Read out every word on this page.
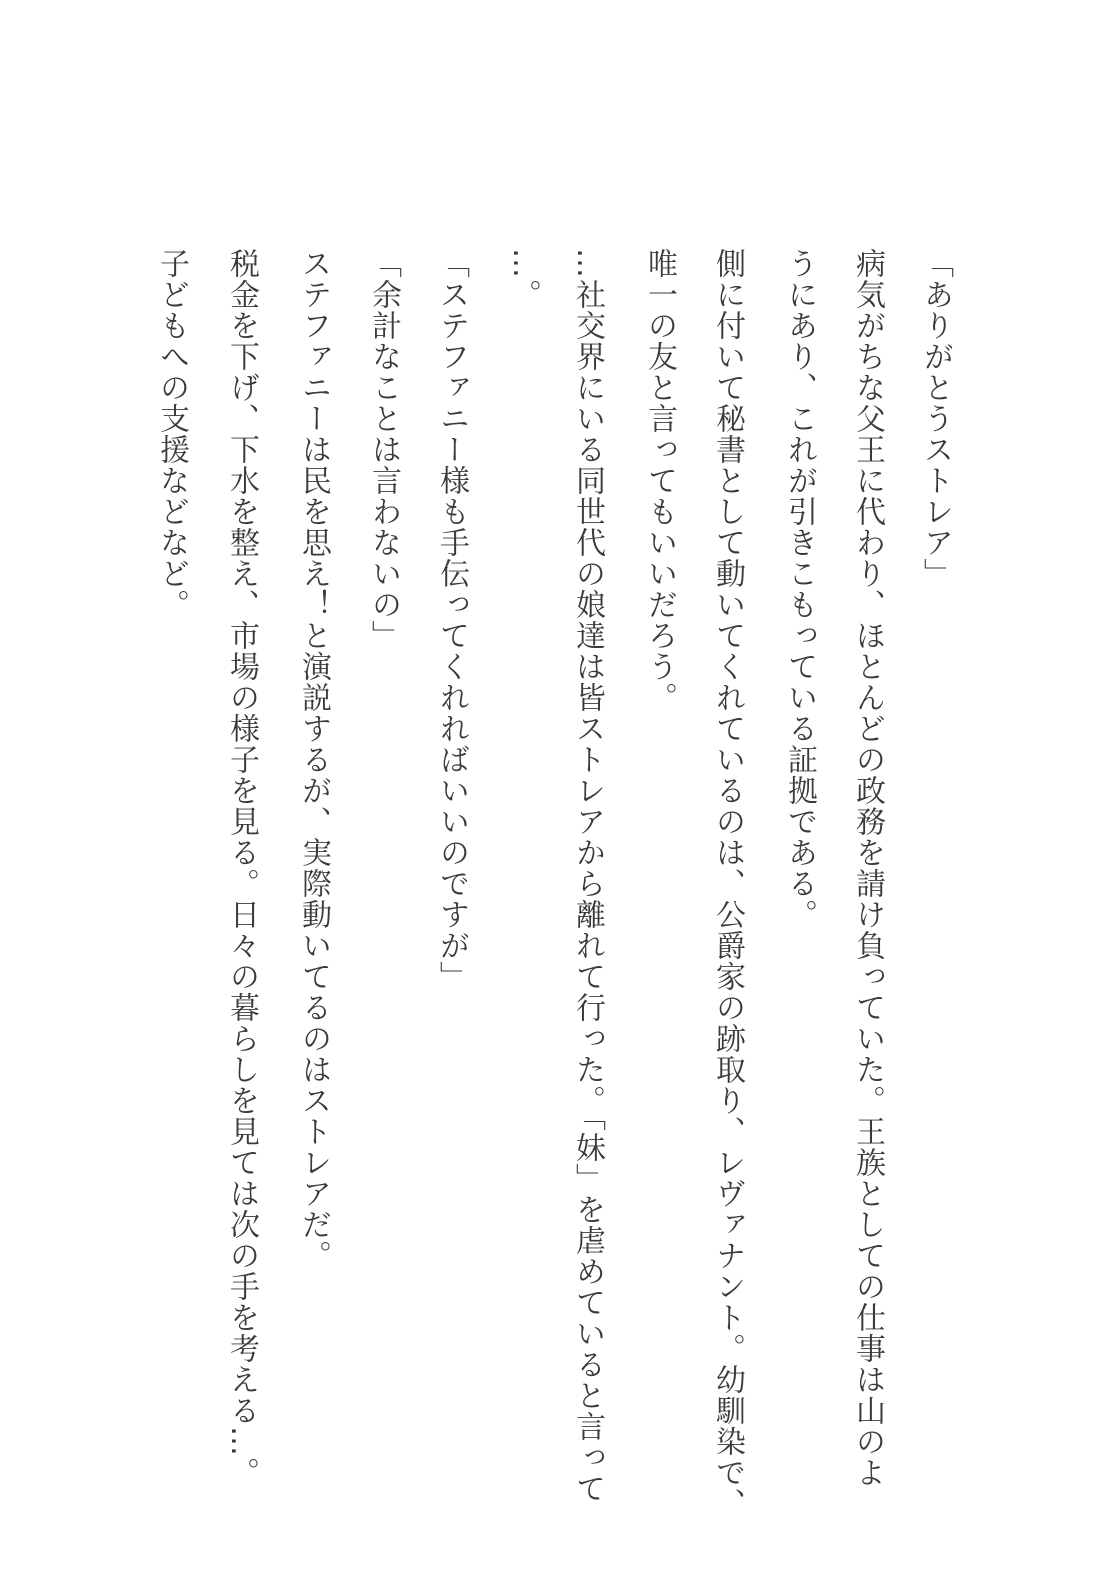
「ありがとうストレア」

病気がちな父王に代わり、ほとんどの政務を請け負っていた。王族としての仕事は山のよ

うにあり、これが引きこもっている証拠である。

側に付いて秘書として動いてくれているのは、公爵家の跡取り、レヴァナント。幼馴染で、

唯一の友と言ってもいいだろう。

…社交界にいる同世代の娘達は皆ストレアから離れて行った。「妹」を虐めていると言って

…。

「ステファニー様も手伝ってくれればいいのですが」

「余計なことは言わないの」

ステファニーは民を思え！と演説するが、実際動いてるのはストレアだ。

税金を下げ、下水を整え、市場の様子を見る。日々の暮らしを見ては次の手を考える…。

子どもへの支援などなど。
